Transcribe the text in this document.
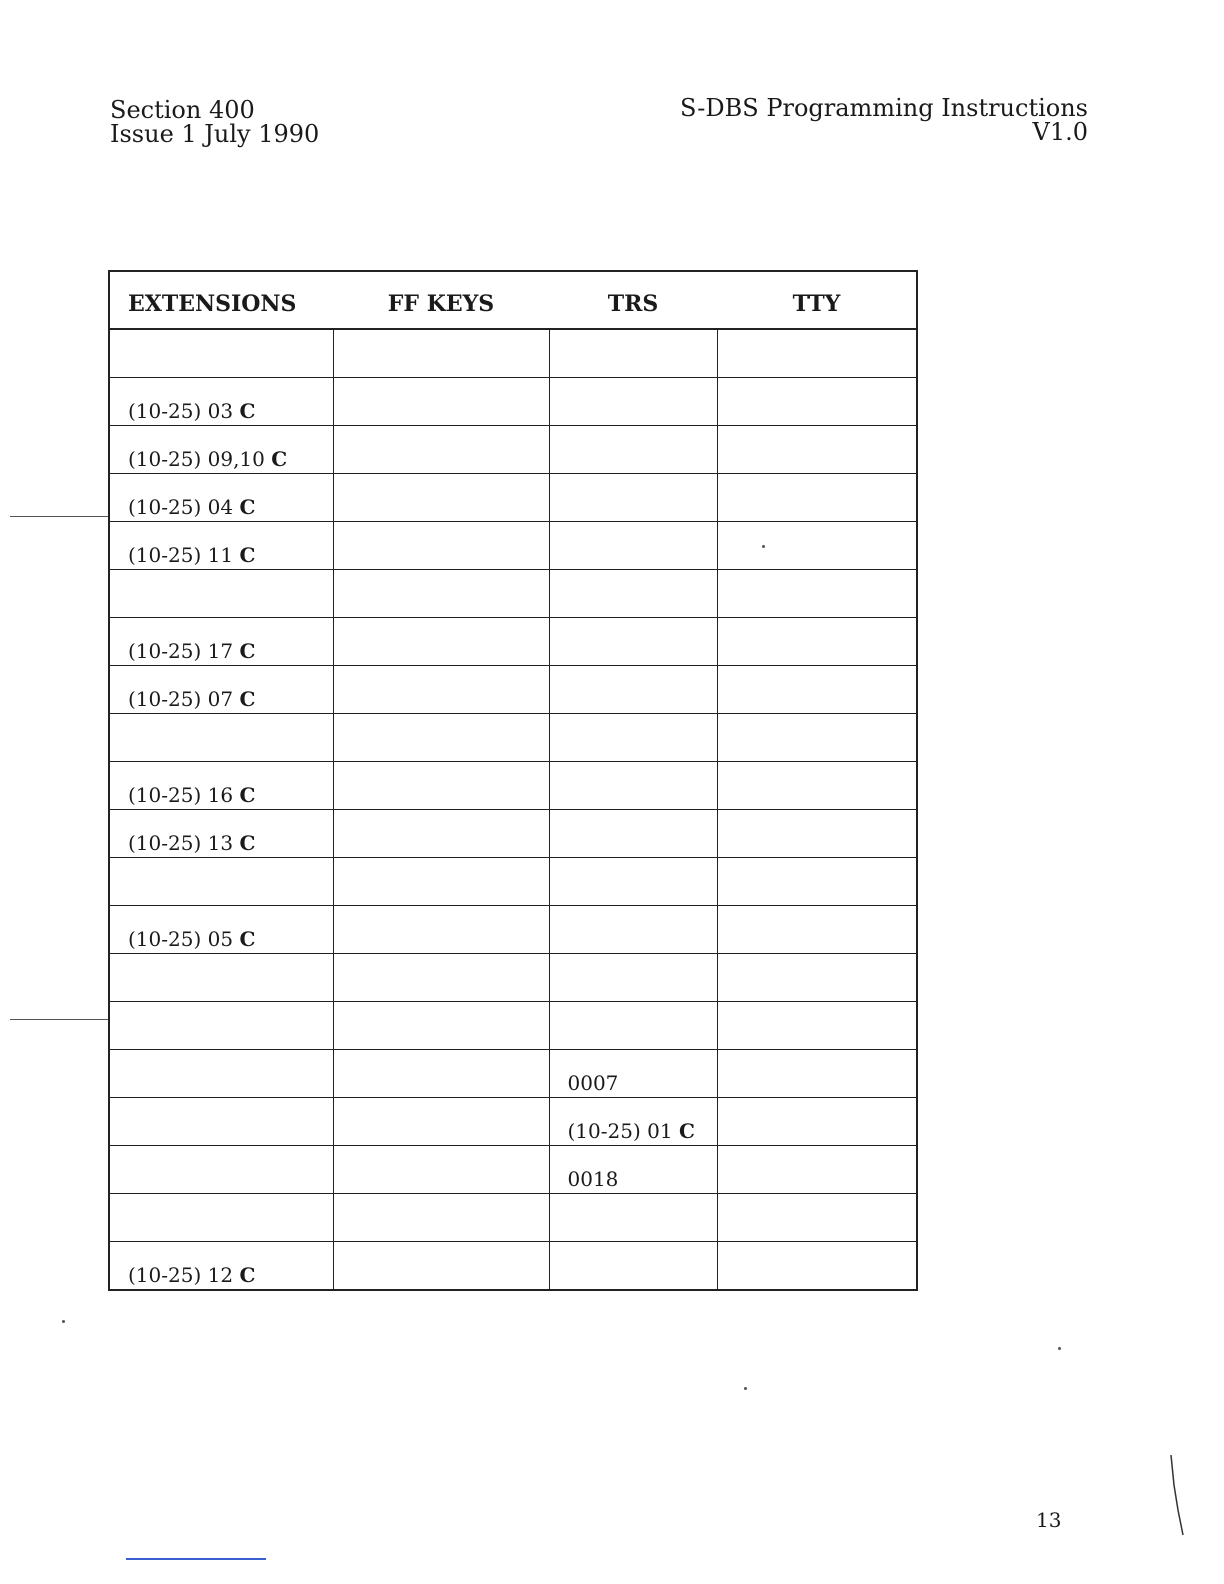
Section 400
Issue 1 July 1990
S-DBS Programming Instructions
V1.0
EXTENSIONS	FF KEYS	TRS	TTY

(10-25) 03 C			
(10-25) 09,10 C			
(10-25) 04 C			
(10-25) 11 C			

(10-25) 17 C			
(10-25) 07 C			

(10-25) 16 C			
(10-25) 13 C			

(10-25) 05 C			

		0007	
		(10-25) 01 C	
		0018	

(10-25) 12 C			
13
